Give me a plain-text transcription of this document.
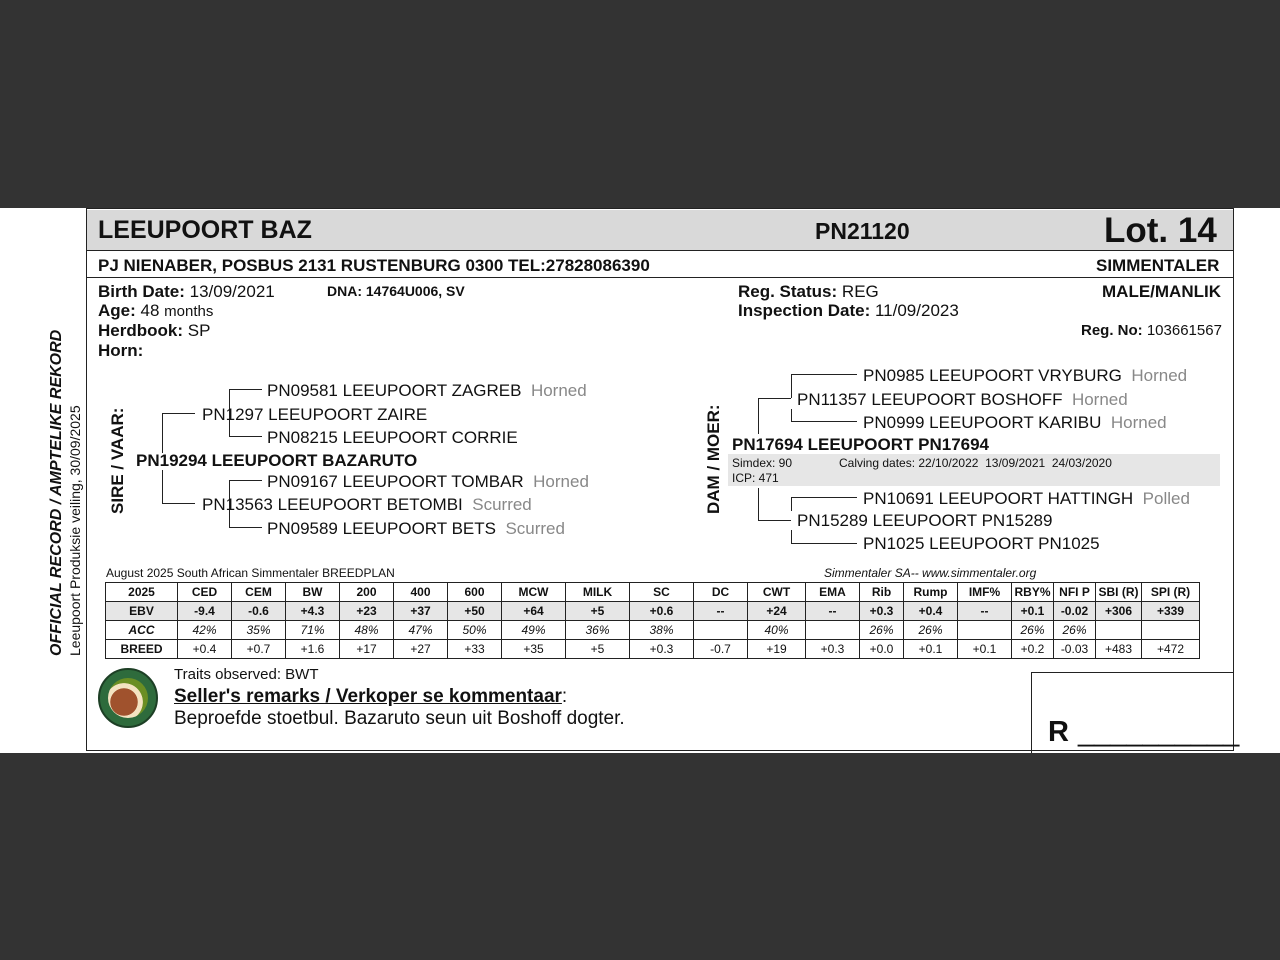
OFFICIAL RECORD / AMPTELIKE REKORD Leeupoort Produksie veiling, 30/09/2025
LEEUPOORT BAZ	PN21120	Lot. 14
PJ NIENABER, POSBUS 2131 RUSTENBURG 0300 TEL:27828086390	SIMMENTALER
Birth Date: 13/09/2021	DNA: 14764U006, SV
Age: 48 months
Herdbook: SP
Horn:
Reg. Status: REG
Inspection Date: 11/09/2023
MALE/MANLIK
Reg. No: 103661567
SIRE / VAAR:
PN09581 LEEUPOORT ZAGREB Horned
PN1297 LEEUPOORT ZAIRE
PN08215 LEEUPOORT CORRIE
PN19294 LEEUPOORT BAZARUTO
PN09167 LEEUPOORT TOMBAR Horned
PN13563 LEEUPOORT BETOMBI Scurred
PN09589 LEEUPOORT BETS Scurred
DAM / MOER:
PN0985 LEEUPOORT VRYBURG Horned
PN11357 LEEUPOORT BOSHOFF Horned
PN0999 LEEUPOORT KARIBU Horned
PN17694 LEEUPOORT PN17694
Simdex: 90
ICP: 471
Calving dates: 22/10/2022  13/09/2021  24/03/2020
PN10691 LEEUPOORT HATTINGH Polled
PN15289 LEEUPOORT PN15289
PN1025 LEEUPOORT PN1025
August 2025 South African Simmentaler BREEDPLAN	Simmentaler SA-- www.simmentaler.org
2025	CED	CEM	BW	200	400	600	MCW	MILK	SC	DC	CWT	EMA	Rib	Rump	IMF%	RBY%	NFI P	SBI (R)	SPI (R)
EBV	-9.4	-0.6	+4.3	+23	+37	+50	+64	+5	+0.6	--	+24	--	+0.3	+0.4	--	+0.1	-0.02	+306	+339
ACC	42%	35%	71%	48%	47%	50%	49%	36%	38%		40%		26%	26%		26%	26%		
BREED	+0.4	+0.7	+1.6	+17	+27	+33	+35	+5	+0.3	-0.7	+19	+0.3	+0.0	+0.1	+0.1	+0.2	-0.03	+483	+472
Traits observed: BWT
Seller's remarks / Verkoper se kommentaar:
Beproefde stoetbul. Bazaruto seun uit Boshoff dogter.	R __________
